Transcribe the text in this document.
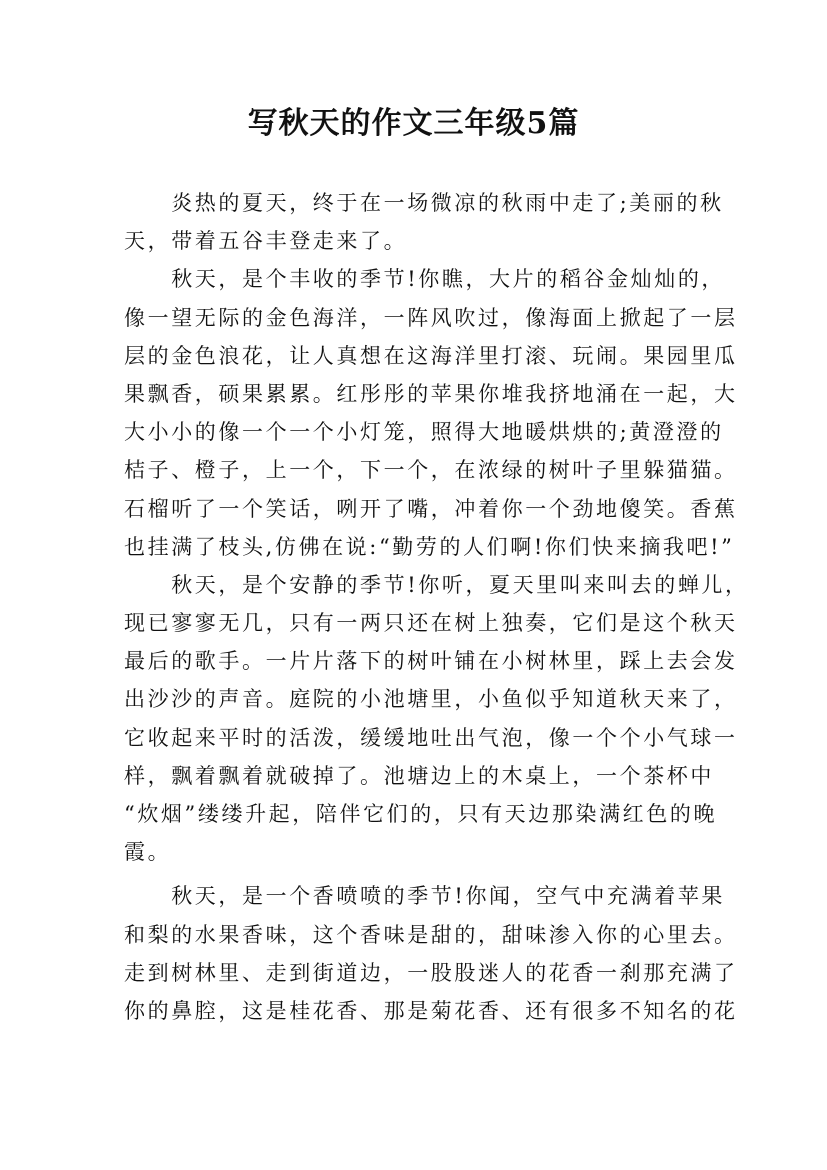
写秋天的作文三年级5篇
　　炎热的夏天，终于在一场微凉的秋雨中走了;美丽的秋
天，带着五谷丰登走来了。
　　秋天，是个丰收的季节!你瞧，大片的稻谷金灿灿的，
像一望无际的金色海洋，一阵风吹过，像海面上掀起了一层
层的金色浪花，让人真想在这海洋里打滚、玩闹。果园里瓜
果飘香，硕果累累。红彤彤的苹果你堆我挤地涌在一起，大
大小小的像一个一个小灯笼，照得大地暖烘烘的;黄澄澄的
桔子、橙子，上一个，下一个，在浓绿的树叶子里躲猫猫。
石榴听了一个笑话，咧开了嘴，冲着你一个劲地傻笑。香蕉
也挂满了枝头,仿佛在说:“勤劳的人们啊!你们快来摘我吧!”
　　秋天，是个安静的季节!你听，夏天里叫来叫去的蝉儿，
现已寥寥无几，只有一两只还在树上独奏，它们是这个秋天
最后的歌手。一片片落下的树叶铺在小树林里，踩上去会发
出沙沙的声音。庭院的小池塘里，小鱼似乎知道秋天来了，
它收起来平时的活泼，缓缓地吐出气泡，像一个个小气球一
样，飘着飘着就破掉了。池塘边上的木桌上，一个茶杯中
“炊烟”缕缕升起，陪伴它们的，只有天边那染满红色的晚
霞。
　　秋天，是一个香喷喷的季节!你闻，空气中充满着苹果
和梨的水果香味，这个香味是甜的，甜味渗入你的心里去。
走到树林里、走到街道边，一股股迷人的花香一刹那充满了
你的鼻腔，这是桂花香、那是菊花香、还有很多不知名的花
